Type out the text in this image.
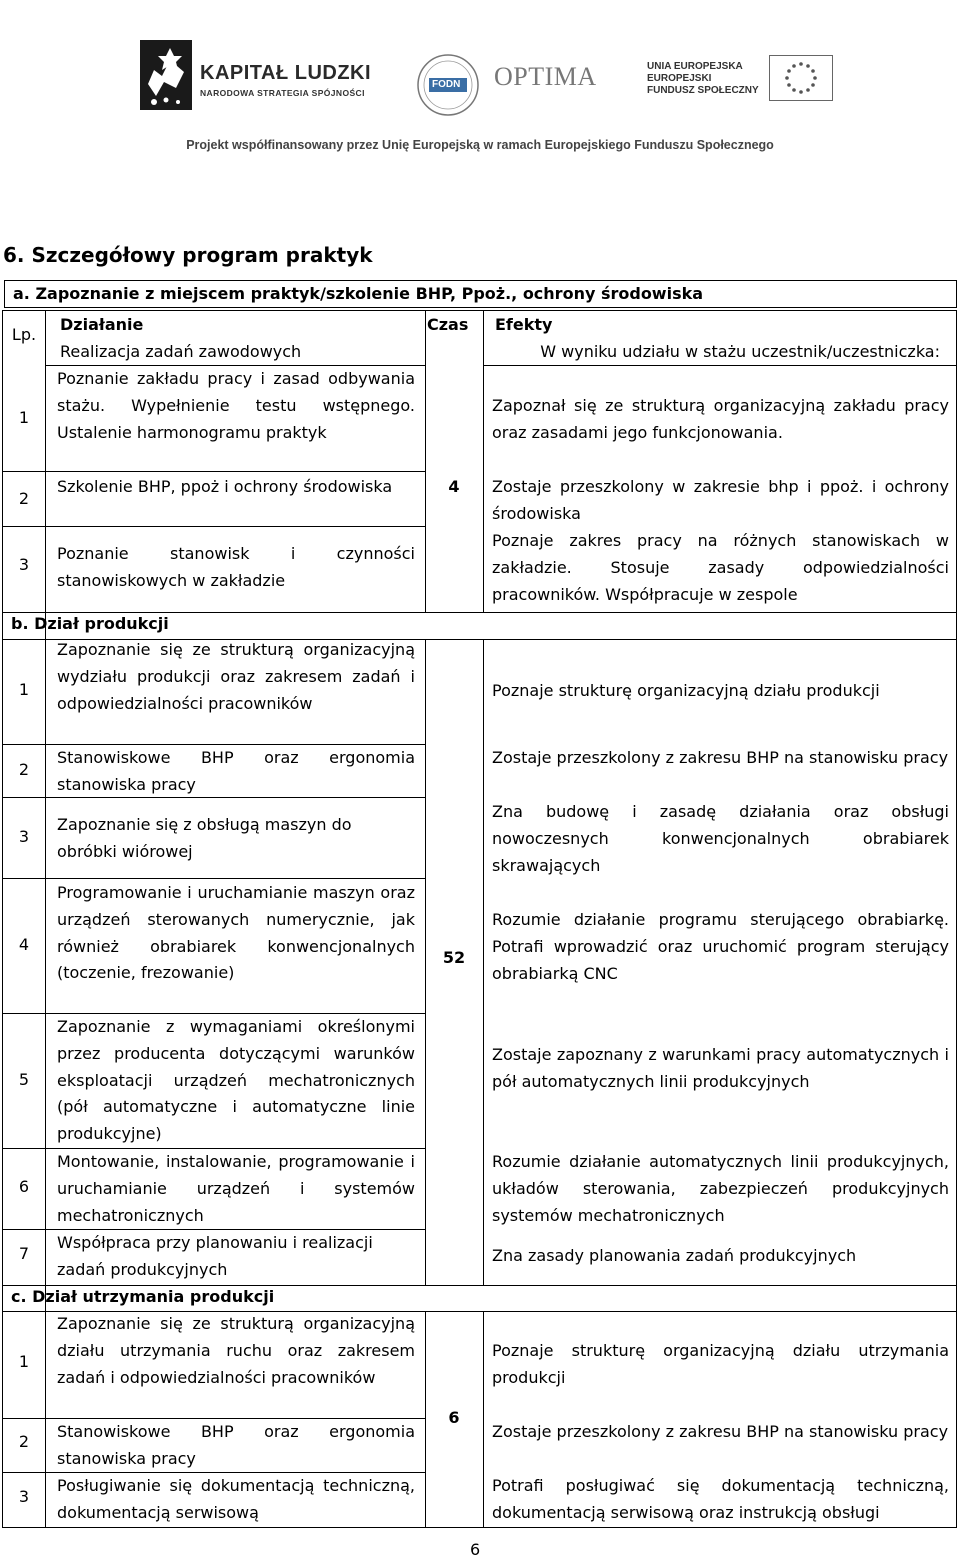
KAPITAŁ LUDZKI
NARODOWA STRATEGIA SPÓJNOŚCI
FODN OPTIMA	UNIA EUROPEJSKA
EUROPEJSKI
FUNDUSZ SPOŁECZNY
Projekt współfinansowany przez Unię Europejską w ramach Europejskiego Funduszu Społecznego
6. Szczegółowy program praktyk
a. Zapoznanie z miejscem praktyk/szkolenie BHP, Ppoż., ochrony środowiska
Lp.
Działanie
Realizacja zadań zawodowych
Czas Efekty
W wyniku udziału w stażu uczestnik/uczestniczka:
1
Poznanie zakładu pracy i zasad odbywania stażu. Wypełnienie testu wstępnego. Ustalenie harmonogramu praktyk
Zapoznał się ze strukturą organizacyjną zakładu pracy oraz zasadami jego funkcjonowania.
2
Szkolenie BHP, ppoż i ochrony środowiska	Zostaje przeszkolony w zakresie bhp i ppoż. i ochrony środowiska
4
3
Poznanie stanowisk i czynności stanowiskowych w zakładzie
Poznaje zakres pracy na różnych stanowiskach w zakładzie. Stosuje zasady odpowiedzialności pracowników. Współpracuje w zespole
b. Dział produkcji
1
Zapoznanie się ze strukturą organizacyjną wydziału produkcji oraz zakresem zadań i odpowiedzialności pracowników
Poznaje strukturę organizacyjną działu produkcji
2
Stanowiskowe BHP oraz ergonomia stanowiska pracy
Zostaje przeszkolony z zakresu BHP na stanowisku pracy
3
Zapoznanie się z obsługą maszyn do obróbki wiórowej
Zna budowę i zasadę działania oraz obsługi nowoczesnych konwencjonalnych obrabiarek skrawających
4
Programowanie i uruchamianie maszyn oraz urządzeń sterowanych numerycznie, jak również obrabiarek konwencjonalnych (toczenie, frezowanie)
Rozumie działanie programu sterującego obrabiarkę. Potrafi wprowadzić oraz uruchomić program sterujący obrabiarką CNC
52
5
Zapoznanie z wymaganiami określonymi przez producenta dotyczącymi warunków eksploatacji urządzeń mechatronicznych (pół automatyczne i automatyczne linie produkcyjne)
Zostaje zapoznany z warunkami pracy automatycznych i pół automatycznych linii produkcyjnych
6
Montowanie, instalowanie, programowanie i uruchamianie urządzeń i systemów mechatronicznych
Rozumie działanie automatycznych linii produkcyjnych, układów sterowania, zabezpieczeń produkcyjnych systemów mechatronicznych
7
Współpraca przy planowaniu i realizacji zadań produkcyjnych
Zna zasady planowania zadań produkcyjnych
c. Dział utrzymania produkcji
1
Zapoznanie się ze strukturą organizacyjną działu utrzymania ruchu oraz zakresem zadań i odpowiedzialności pracowników
Poznaje strukturę organizacyjną działu utrzymania produkcji
6
2
Stanowiskowe BHP oraz ergonomia stanowiska pracy
Zostaje przeszkolony z zakresu BHP na stanowisku pracy
3
Posługiwanie się dokumentacją techniczną, dokumentacją serwisową
Potrafi posługiwać się dokumentacją techniczną, dokumentacją serwisową oraz instrukcją obsługi
6
